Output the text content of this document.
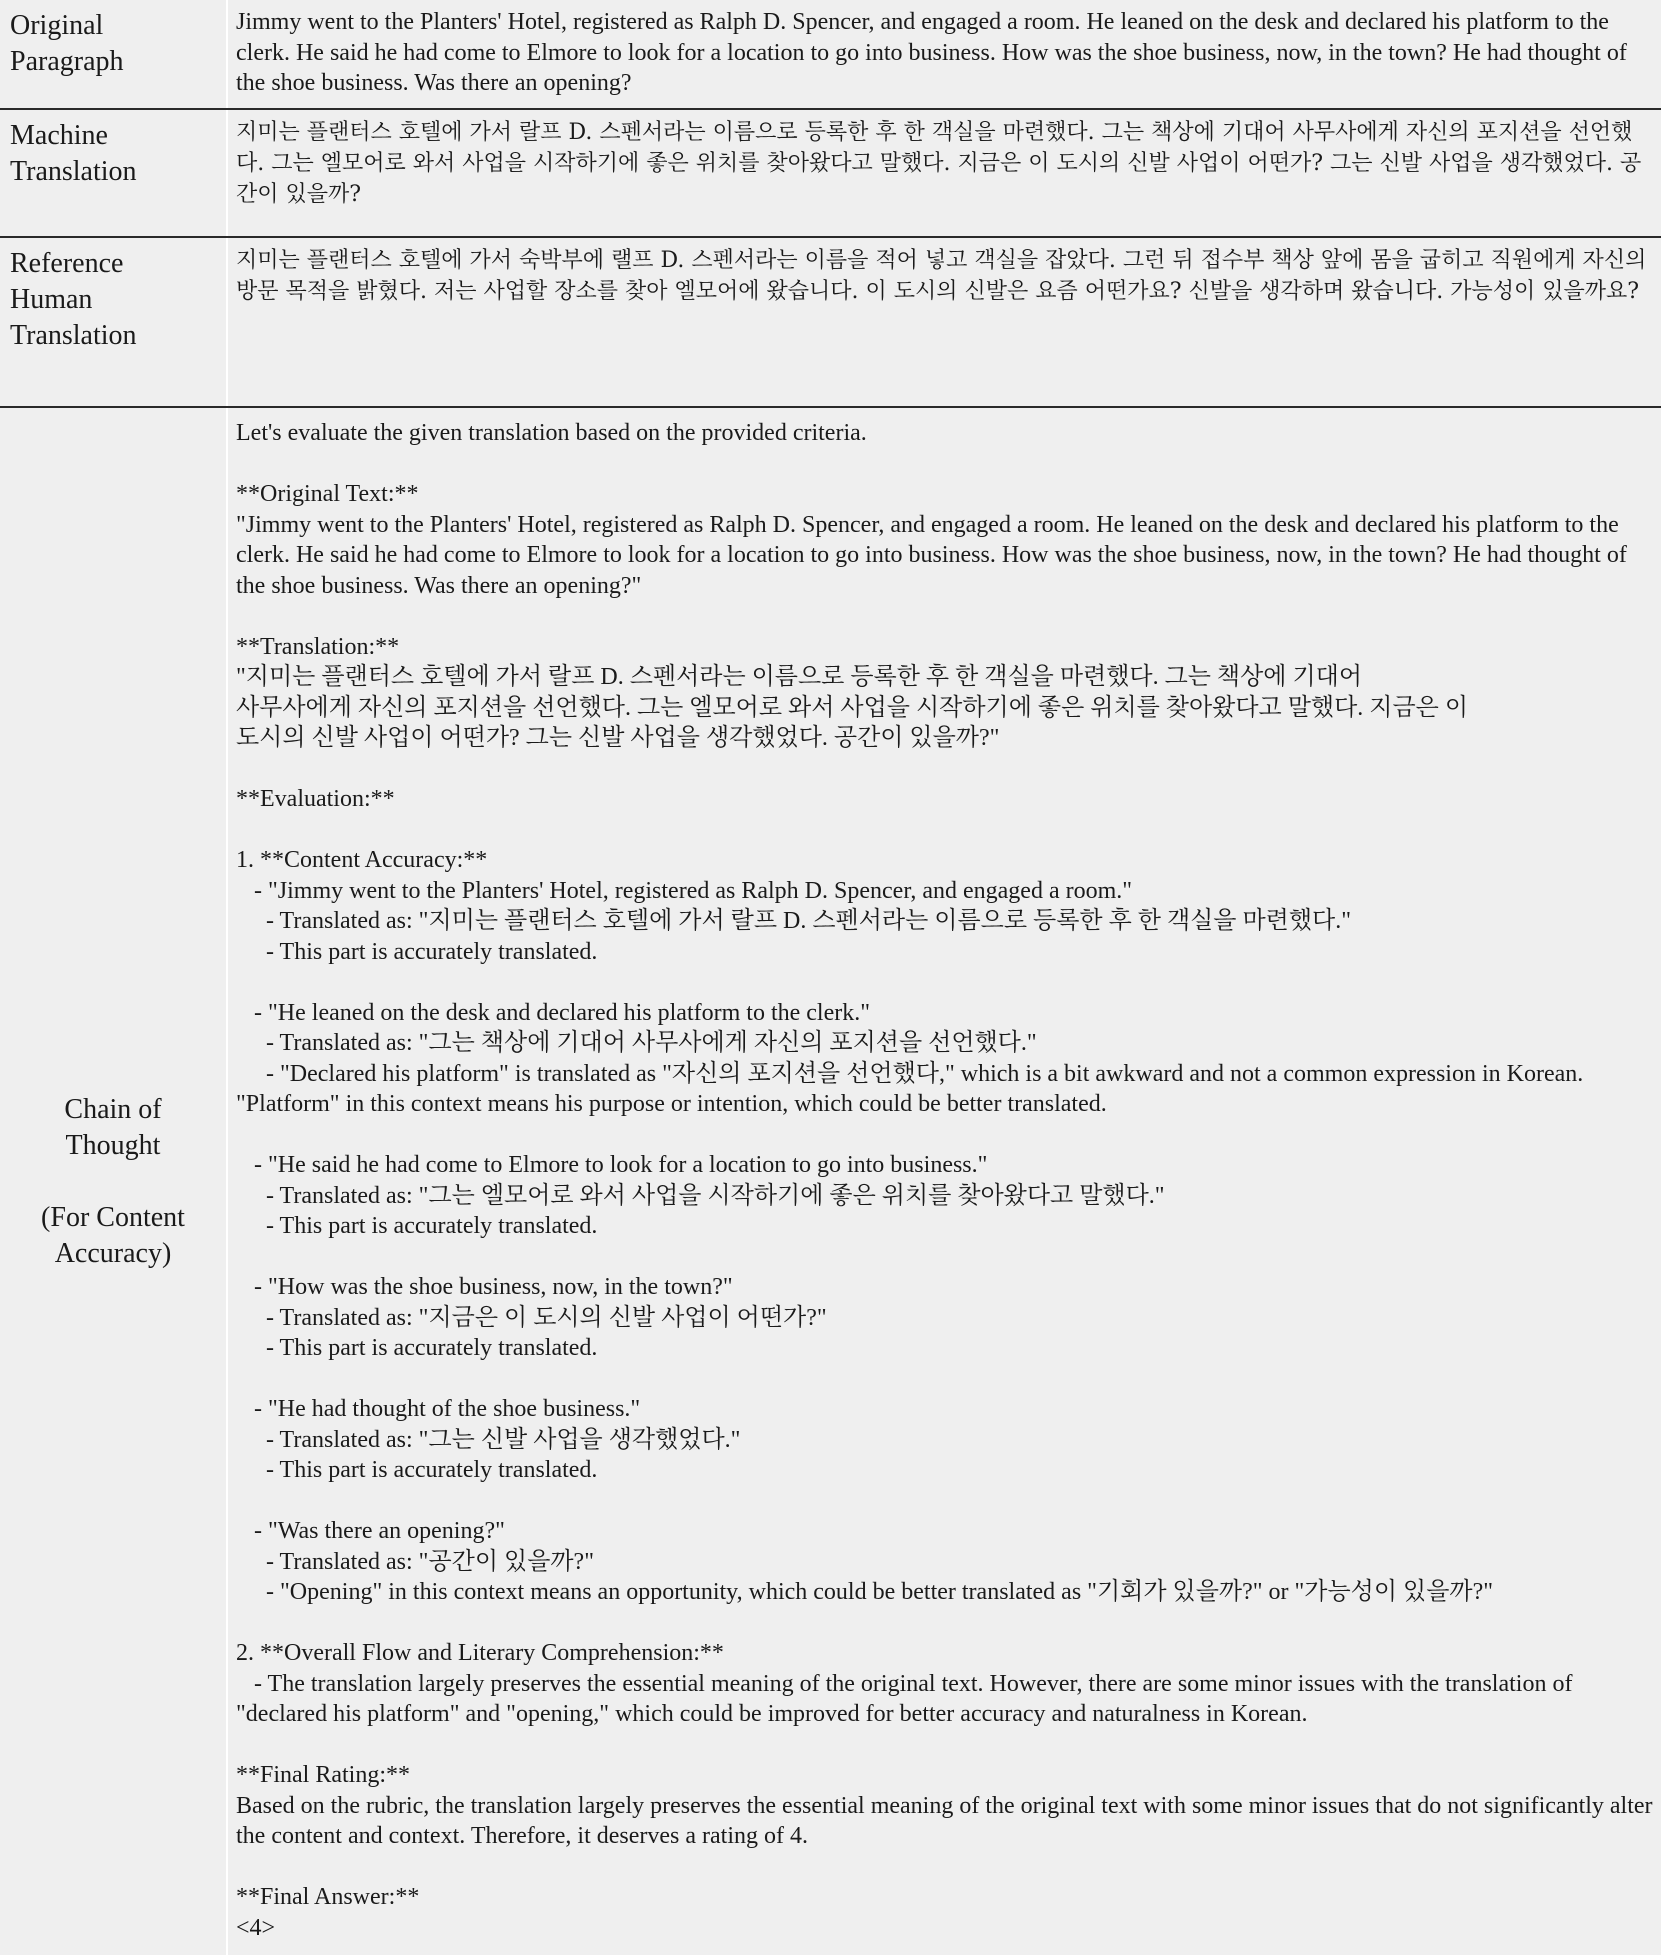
Original
Paragraph
Jimmy went to the Planters' Hotel, registered as Ralph D. Spencer, and engaged a room. He leaned on the desk and declared his platform to the clerk. He said he had come to Elmore to look for a location to go into business. How was the shoe business, now, in the town? He had thought of the shoe business. Was there an opening?
Machine
Translation
지미는 플랜터스 호텔에 가서 랄프 D. 스펜서라는 이름으로 등록한 후 한 객실을 마련했다. 그는 책상에 기대어 사무사에게 자신의 포지션을 선언했다. 그는 엘모어로 와서 사업을 시작하기에 좋은 위치를 찾아왔다고 말했다. 지금은 이 도시의 신발 사업이 어떤가? 그는 신발 사업을 생각했었다. 공간이 있을까?
Reference
Human
Translation
지미는 플랜터스 호텔에 가서 숙박부에 랠프 D. 스펜서라는 이름을 적어 넣고 객실을 잡았다. 그런 뒤 접수부 책상 앞에 몸을 굽히고 직원에게 자신의 방문 목적을 밝혔다. 저는 사업할 장소를 찾아 엘모어에 왔습니다. 이 도시의 신발은 요즘 어떤가요? 신발을 생각하며 왔습니다. 가능성이 있을까요?
Chain of
Thought
(For Content
Accuracy)
Let's evaluate the given translation based on the provided criteria.
**Original Text:**
"Jimmy went to the Planters' Hotel, registered as Ralph D. Spencer, and engaged a room. He leaned on the desk and declared his platform to the clerk. He said he had come to Elmore to look for a location to go into business. How was the shoe business, now, in the town? He had thought of the shoe business. Was there an opening?"
**Translation:**
"지미는 플랜터스 호텔에 가서 랄프 D. 스펜서라는 이름으로 등록한 후 한 객실을 마련했다. 그는 책상에 기대어
사무사에게 자신의 포지션을 선언했다. 그는 엘모어로 와서 사업을 시작하기에 좋은 위치를 찾아왔다고 말했다. 지금은 이
도시의 신발 사업이 어떤가? 그는 신발 사업을 생각했었다. 공간이 있을까?"
**Evaluation:**
1. **Content Accuracy:**
- "Jimmy went to the Planters' Hotel, registered as Ralph D. Spencer, and engaged a room."
- Translated as: "지미는 플랜터스 호텔에 가서 랄프 D. 스펜서라는 이름으로 등록한 후 한 객실을 마련했다."
- This part is accurately translated.
- "He leaned on the desk and declared his platform to the clerk."
- Translated as: "그는 책상에 기대어 사무사에게 자신의 포지션을 선언했다."
- "Declared his platform" is translated as "자신의 포지션을 선언했다," which is a bit awkward and not a common expression in Korean. "Platform" in this context means his purpose or intention, which could be better translated.
- "He said he had come to Elmore to look for a location to go into business."
- Translated as: "그는 엘모어로 와서 사업을 시작하기에 좋은 위치를 찾아왔다고 말했다."
- This part is accurately translated.
- "How was the shoe business, now, in the town?"
- Translated as: "지금은 이 도시의 신발 사업이 어떤가?"
- This part is accurately translated.
- "He had thought of the shoe business."
- Translated as: "그는 신발 사업을 생각했었다."
- This part is accurately translated.
- "Was there an opening?"
- Translated as: "공간이 있을까?"
- "Opening" in this context means an opportunity, which could be better translated as "기회가 있을까?" or "가능성이 있을까?"
2. **Overall Flow and Literary Comprehension:**
- The translation largely preserves the essential meaning of the original text. However, there are some minor issues with the translation of "declared his platform" and "opening," which could be improved for better accuracy and naturalness in Korean.
**Final Rating:**
Based on the rubric, the translation largely preserves the essential meaning of the original text with some minor issues that do not significantly alter the content and context. Therefore, it deserves a rating of 4.
**Final Answer:**
<4>
